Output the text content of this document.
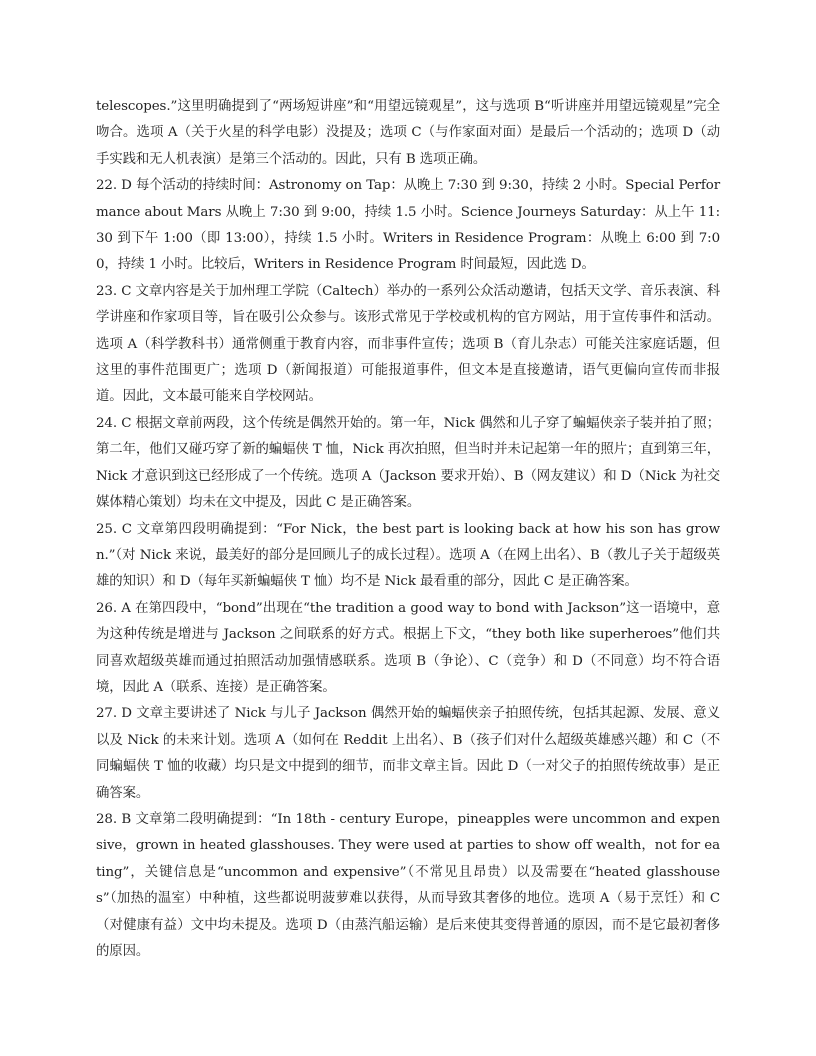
telescopes.”这里明确提到了“两场短讲座”和“用望远镜观星”，这与选项 B“听讲座并用望远镜观星”完全吻合。选项 A（关于火星的科学电影）没提及；选项 C（与作家面对面）是最后一个活动的；选项 D（动手实践和无人机表演）是第三个活动的。因此，只有 B 选项正确。

22. D 每个活动的持续时间：Astronomy on Tap：从晚上 7:30 到 9:30，持续 2 小时。Special Performance about Mars 从晚上 7:30 到 9:00，持续 1.5 小时。Science Journeys Saturday：从上午 11:30 到下午 1:00（即 13:00），持续 1.5 小时。Writers in Residence Program：从晚上 6:00 到 7:00，持续 1 小时。比较后，Writers in Residence Program 时间最短，因此选 D。

23. C 文章内容是关于加州理工学院（Caltech）举办的一系列公众活动邀请，包括天文学、音乐表演、科学讲座和作家项目等，旨在吸引公众参与。该形式常见于学校或机构的官方网站，用于宣传事件和活动。选项 A（科学教科书）通常侧重于教育内容，而非事件宣传；选项 B（育儿杂志）可能关注家庭话题，但这里的事件范围更广；选项 D（新闻报道）可能报道事件，但文本是直接邀请，语气更偏向宣传而非报道。因此，文本最可能来自学校网站。

24. C 根据文章前两段，这个传统是偶然开始的。第一年，Nick 偶然和儿子穿了蝙蝠侠亲子装并拍了照；第二年，他们又碰巧穿了新的蝙蝠侠 T 恤，Nick 再次拍照，但当时并未记起第一年的照片；直到第三年，Nick 才意识到这已经形成了一个传统。选项 A（Jackson 要求开始）、B（网友建议）和 D（Nick 为社交媒体精心策划）均未在文中提及，因此 C 是正确答案。

25. C 文章第四段明确提到：“For Nick，the best part is looking back at how his son has grown.”（对 Nick 来说，最美好的部分是回顾儿子的成长过程）。选项 A（在网上出名）、B（教儿子关于超级英雄的知识）和 D（每年买新蝙蝠侠 T 恤）均不是 Nick 最看重的部分，因此 C 是正确答案。

26. A 在第四段中，“bond”出现在“the tradition a good way to bond with Jackson”这一语境中，意为这种传统是增进与 Jackson 之间联系的好方式。根据上下文，“they both like superheroes”他们共同喜欢超级英雄而通过拍照活动加强情感联系。选项 B（争论）、C（竞争）和 D（不同意）均不符合语境，因此 A（联系、连接）是正确答案。

27. D 文章主要讲述了 Nick 与儿子 Jackson 偶然开始的蝙蝠侠亲子拍照传统，包括其起源、发展、意义以及 Nick 的未来计划。选项 A（如何在 Reddit 上出名）、B（孩子们对什么超级英雄感兴趣）和 C（不同蝙蝠侠 T 恤的收藏）均只是文中提到的细节，而非文章主旨。因此 D（一对父子的拍照传统故事）是正确答案。

28. B 文章第二段明确提到：“In 18th - century Europe，pineapples were uncommon and expensive，grown in heated glasshouses. They were used at parties to show off wealth，not for eating”，关键信息是“uncommon and expensive”（不常见且昂贵）以及需要在“heated glasshouses”（加热的温室）中种植，这些都说明菠萝难以获得，从而导致其奢侈的地位。选项 A（易于烹饪）和 C（对健康有益）文中均未提及。选项 D（由蒸汽船运输）是后来使其变得普通的原因，而不是它最初奢侈的原因。
